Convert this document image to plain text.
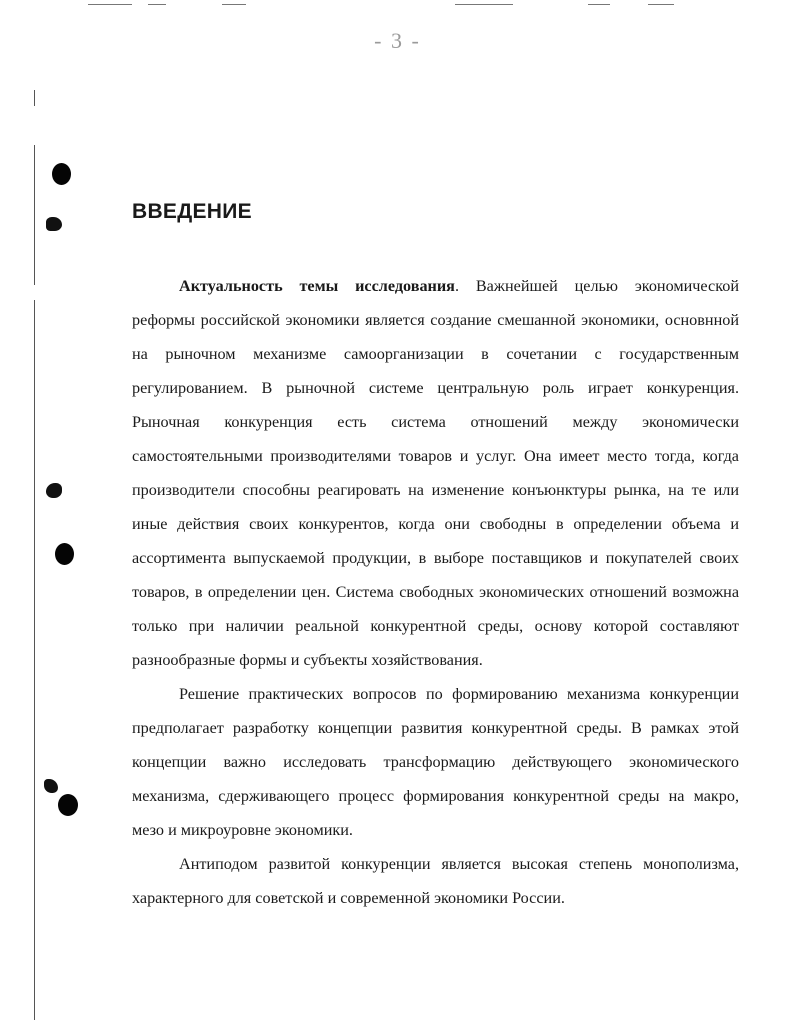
- 3 -
ВВЕДЕНИЕ

Актуальность темы исследования. Важнейшей целью экономической реформы российской экономики является создание смешанной экономики, основнной на рыночном механизме самоорганизации в сочетании с государственным регулированием. В рыночной системе центральную роль играет конкуренция. Рыночная конкуренция есть система отношений между экономически самостоятельными производителями товаров и услуг. Она имеет место тогда, когда производители способны реагировать на изменение конъюнктуры рынка, на те или иные действия своих конкурентов, когда они свободны в определении объема и ассортимента выпускаемой продукции, в выборе поставщиков и покупателей своих товаров, в определении цен. Система свободных экономических отношений возможна только при наличии реальной конкурентной среды, основу которой составляют разнообразные формы и субъекты хозяйствования.

Решение практических вопросов по формированию механизма конкуренции предполагает разработку концепции развития конкурентной среды. В рамках этой концепции важно исследовать трансформацию действующего экономического механизма, сдерживающего процесс формирования конкурентной среды на макро, мезо и микроуровне экономики.

Антиподом развитой конкуренции является высокая степень монополизма, характерного для советской и современной экономики России.
